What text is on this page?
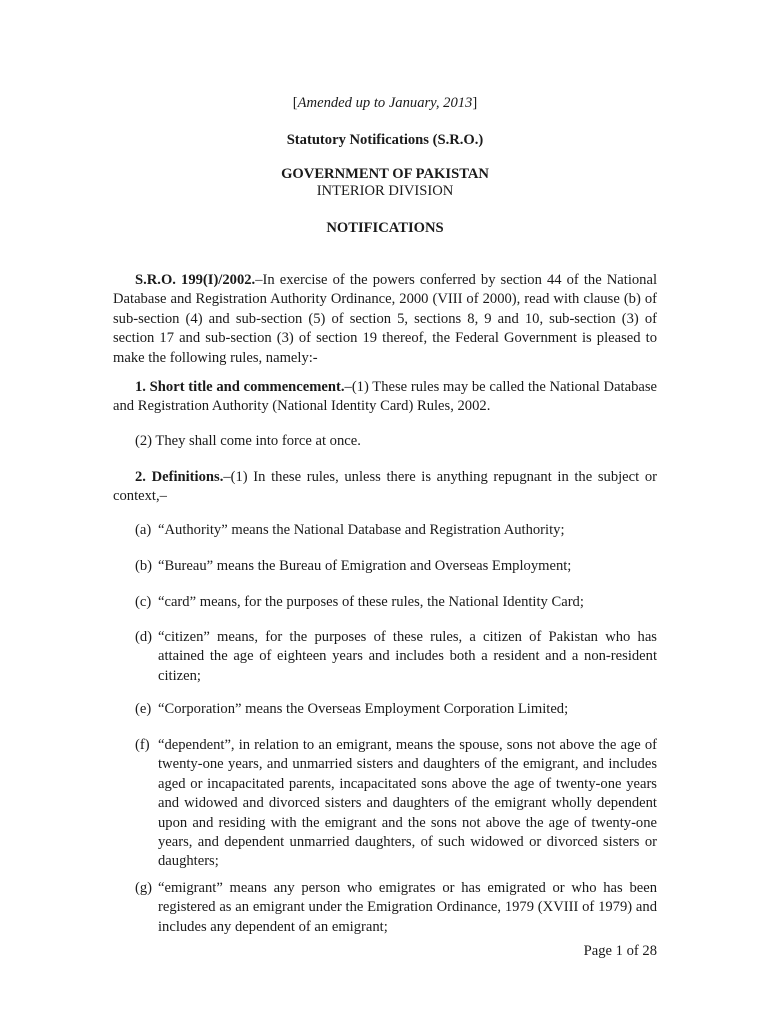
[Amended up to January, 2013]

Statutory Notifications (S.R.O.)

GOVERNMENT OF PAKISTAN

INTERIOR DIVISION

NOTIFICATIONS

S.R.O. 199(I)/2002.–In exercise of the powers conferred by section 44 of the National Database and Registration Authority Ordinance, 2000 (VIII of 2000), read with clause (b) of sub-section (4) and sub-section (5) of section 5, sections 8, 9 and 10, sub-section (3) of section 17 and sub-section (3) of section 19 thereof, the Federal Government is pleased to make the following rules, namely:-

1. Short title and commencement.–(1) These rules may be called the National Database and Registration Authority (National Identity Card) Rules, 2002.

(2) They shall come into force at once.

2. Definitions.–(1) In these rules, unless there is anything repugnant in the subject or context,–

(a) “Authority” means the National Database and Registration Authority;
(b) “Bureau” means the Bureau of Emigration and Overseas Employment;
(c) “card” means, for the purposes of these rules, the National Identity Card;
(d) “citizen” means, for the purposes of these rules, a citizen of Pakistan who has attained the age of eighteen years and includes both a resident and a non-resident citizen;
(e) “Corporation” means the Overseas Employment Corporation Limited;
(f) “dependent”, in relation to an emigrant, means the spouse, sons not above the age of twenty-one years, and unmarried sisters and daughters of the emigrant, and includes aged or incapacitated parents, incapacitated sons above the age of twenty-one years and widowed and divorced sisters and daughters of the emigrant wholly dependent upon and residing with the emigrant and the sons not above the age of twenty-one years, and dependent unmarried daughters, of such widowed or divorced sisters or daughters;
(g) “emigrant” means any person who emigrates or has emigrated or who has been registered as an emigrant under the Emigration Ordinance, 1979 (XVIII of 1979) and includes any dependent of an emigrant;

Page 1 of 28
